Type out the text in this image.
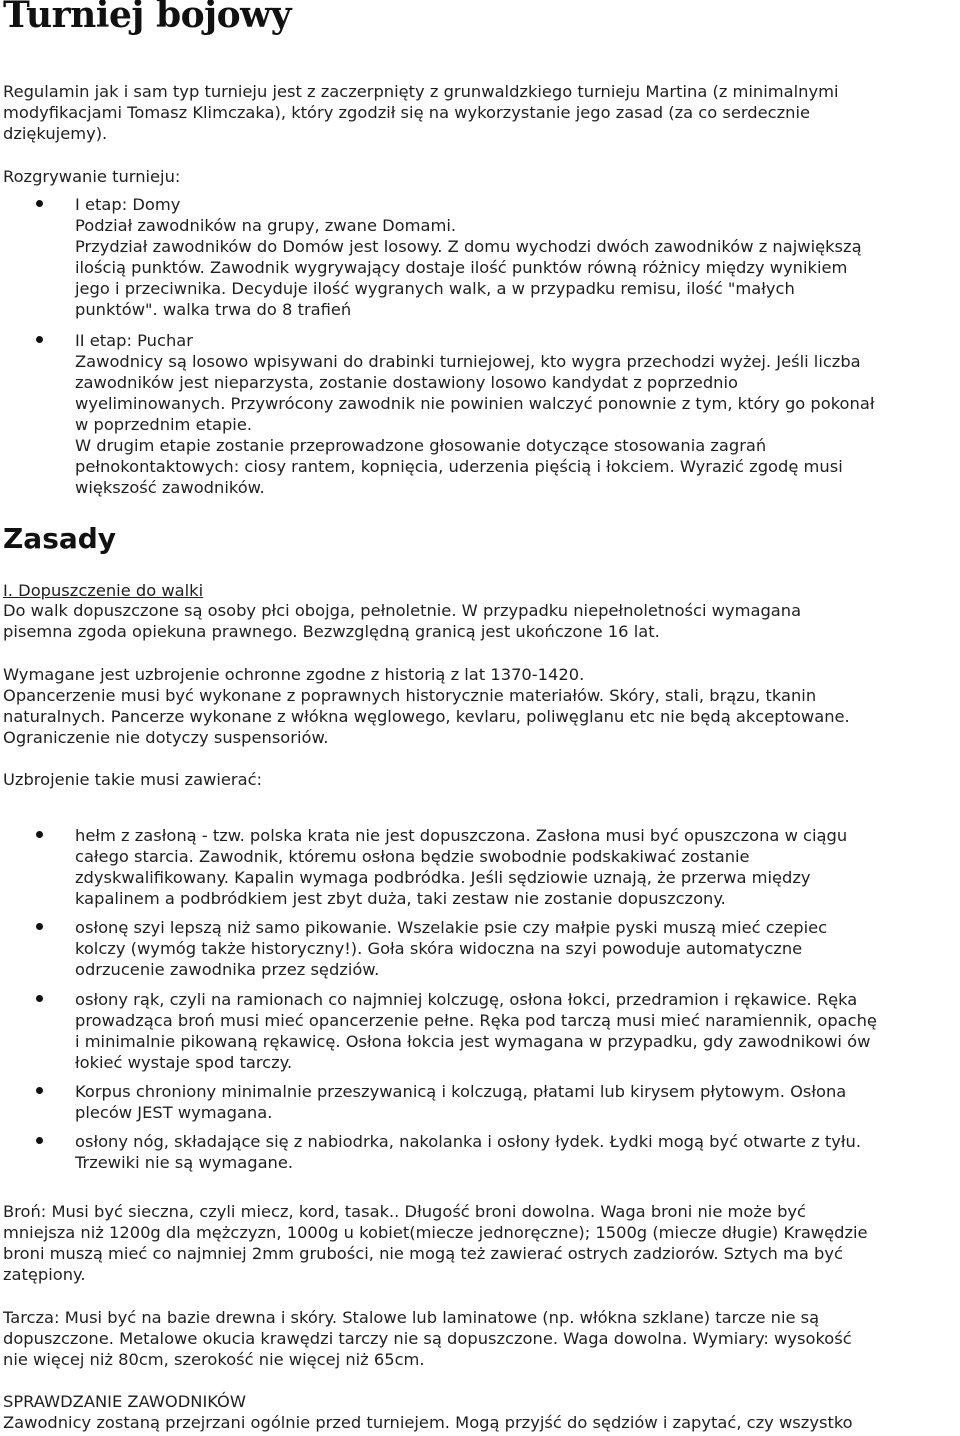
Turniej bojowy

Regulamin jak i sam typ turnieju jest z zaczerpnięty z grunwaldzkiego turnieju Martina (z minimalnymi
modyfikacjami Tomasz Klimczaka), który zgodził się na wykorzystanie jego zasad (za co serdecznie
dziękujemy).

Rozgrywanie turnieju:

I etap: Domy
Podział zawodników na grupy, zwane Domami.
Przydział zawodników do Domów jest losowy. Z domu wychodzi dwóch zawodników z największą
ilością punktów. Zawodnik wygrywający dostaje ilość punktów równą różnicy między wynikiem
jego i przeciwnika. Decyduje ilość wygranych walk, a w przypadku remisu, ilość "małych
punktów". walka trwa do 8 trafień
II etap: Puchar
Zawodnicy są losowo wpisywani do drabinki turniejowej, kto wygra przechodzi wyżej. Jeśli liczba
zawodników jest nieparzysta, zostanie dostawiony losowo kandydat z poprzednio
wyeliminowanych. Przywrócony zawodnik nie powinien walczyć ponownie z tym, który go pokonał
w poprzednim etapie.
W drugim etapie zostanie przeprowadzone głosowanie dotyczące stosowania zagrań
pełnokontaktowych: ciosy rantem, kopnięcia, uderzenia pięścią i łokciem. Wyrazić zgodę musi
większość zawodników.
Zasady

I. Dopuszczenie do walki

Do walk dopuszczone są osoby płci obojga, pełnoletnie. W przypadku niepełnoletności wymagana
pisemna zgoda opiekuna prawnego. Bezwzględną granicą jest ukończone 16 lat.

Wymagane jest uzbrojenie ochronne zgodne z historią z lat 1370-1420.
Opancerzenie musi być wykonane z poprawnych historycznie materiałów. Skóry, stali, brązu, tkanin
naturalnych. Pancerze wykonane z włókna węglowego, kevlaru, poliwęglanu etc nie będą akceptowane.
Ograniczenie nie dotyczy suspensoriów.

Uzbrojenie takie musi zawierać:

hełm z zasłoną - tzw. polska krata nie jest dopuszczona. Zasłona musi być opuszczona w ciągu
całego starcia. Zawodnik, któremu osłona będzie swobodnie podskakiwać zostanie
zdyskwalifikowany. Kapalin wymaga podbródka. Jeśli sędziowie uznają, że przerwa między
kapalinem a podbródkiem jest zbyt duża, taki zestaw nie zostanie dopuszczony.
osłonę szyi lepszą niż samo pikowanie. Wszelakie psie czy małpie pyski muszą mieć czepiec
kolczy (wymóg także historyczny!). Goła skóra widoczna na szyi powoduje automatyczne
odrzucenie zawodnika przez sędziów.
osłony rąk, czyli na ramionach co najmniej kolczugę, osłona łokci, przedramion i rękawice. Ręka
prowadząca broń musi mieć opancerzenie pełne. Ręka pod tarczą musi mieć naramiennik, opachę
i minimalnie pikowaną rękawicę. Osłona łokcia jest wymagana w przypadku, gdy zawodnikowi ów
łokieć wystaje spod tarczy.
Korpus chroniony minimalnie przeszywanicą i kolczugą, płatami lub kirysem płytowym. Osłona
pleców JEST wymagana.
osłony nóg, składające się z nabiodrka, nakolanka i osłony łydek. Łydki mogą być otwarte z tyłu.
Trzewiki nie są wymagane.

Broń: Musi być sieczna, czyli miecz, kord, tasak.. Długość broni dowolna. Waga broni nie może być
mniejsza niż 1200g dla mężczyzn, 1000g u kobiet(miecze jednoręczne); 1500g (miecze długie) Krawędzie
broni muszą mieć co najmniej 2mm grubości, nie mogą też zawierać ostrych zadziorów. Sztych ma być
zatępiony.

Tarcza: Musi być na bazie drewna i skóry. Stalowe lub laminatowe (np. włókna szklane) tarcze nie są
dopuszczone. Metalowe okucia krawędzi tarczy nie są dopuszczone. Waga dowolna. Wymiary: wysokość
nie więcej niż 80cm, szerokość nie więcej niż 65cm.

SPRAWDZANIE ZAWODNIKÓW

Zawodnicy zostaną przejrzani ogólnie przed turniejem. Mogą przyjść do sędziów i zapytać, czy wszystko
